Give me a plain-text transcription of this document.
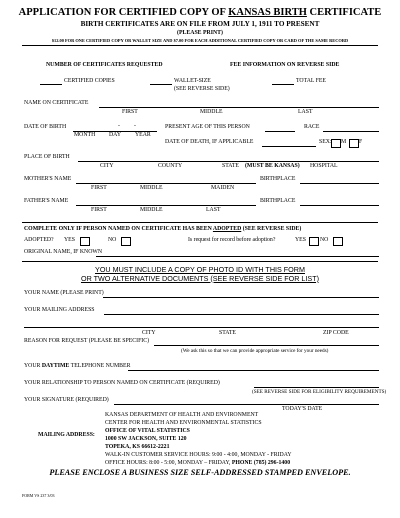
APPLICATION FOR CERTIFIED COPY OF KANSAS BIRTH CERTIFICATE
BIRTH CERTIFICATES ARE ON FILE FROM JULY 1, 1911 TO PRESENT
(PLEASE PRINT)
$12.00 FOR ONE CERTIFIED COPY OR WALLET SIZE AND $7.00 FOR EACH ADDITIONAL CERTIFIED COPY OR CARD OF THE SAME RECORD
NUMBER OF CERTIFICATES REQUESTED	FEE INFORMATION ON REVERSE SIDE
CERTIFIED COPIES	WALLET-SIZE
(SEE REVERSE SIDE)
TOTAL FEE
NAME ON CERTIFICATE
FIRST	MIDDLE	LAST
DATE OF BIRTH	- -
MONTH DAY YEAR
PRESENT AGE OF THIS PERSON	RACE
DATE OF DEATH, IF APPLICABLE	SEX: M F
PLACE OF BIRTH
CITY	COUNTY	STATE (MUST BE KANSAS) HOSPITAL
MOTHER'S NAME	BIRTHPLACE
FIRST	MIDDLE	MAIDEN
FATHER'S NAME	BIRTHPLACE
FIRST	MIDDLE	LAST
COMPLETE ONLY IF PERSON NAMED ON CERTIFICATE HAS BEEN ADOPTED (SEE REVERSE SIDE)
ADOPTED? YES	NO	Is request for record before adoption?	YES NO
ORIGINAL NAME, IF KNOWN
YOU MUST INCLUDE A COPY OF PHOTO ID WITH THIS FORM
OR TWO ALTERNATIVE DOCUMENTS (SEE REVERSE SIDE FOR LIST)
YOUR NAME (PLEASE PRINT)
YOUR MAILING ADDRESS
CITY	STATE	ZIP CODE
REASON FOR REQUEST (PLEASE BE SPECIFIC)
(We ask this so that we can provide appropriate service for your needs)
YOUR DAYTIME TELEPHONE NUMBER
YOUR RELATIONSHIP TO PERSON NAMED ON CERTIFICATE (REQUIRED)
(SEE REVERSE SIDE FOR ELIGIBILITY REQUIREMENTS)
YOUR SIGNATURE (REQUIRED)
TODAY'S DATE
MAILING ADDRESS:
KANSAS DEPARTMENT OF HEALTH AND ENVIRONMENT
CENTER FOR HEALTH AND ENVIRONMENTAL STATISTICS
OFFICE OF VITAL STATISTICS
1000 SW JACKSON, SUITE 120
TOPEKA, KS 66612-2221
WALK-IN CUSTOMER SERVICE HOURS: 9:00 - 4:00, MONDAY - FRIDAY
OFFICE HOURS: 8:00 - 5:00, MONDAY – FRIDAY, PHONE (785) 296-1400
PLEASE ENCLOSE A BUSINESS SIZE SELF-ADDRESSED STAMPED ENVELOPE.
FORM VS 237 3/03
